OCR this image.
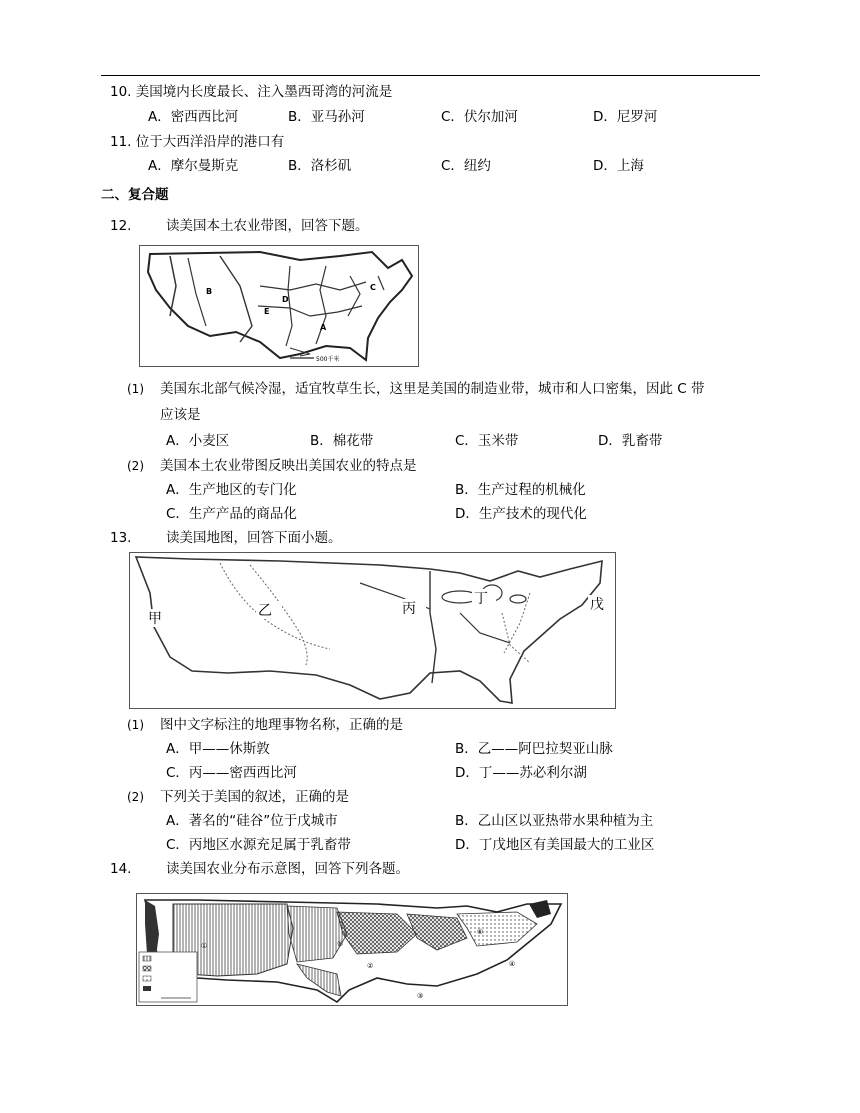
10. 美国境内长度最长、注入墨西哥湾的河流是
A．密西西比河	B．亚马孙河	C．伏尔加河	D．尼罗河
11. 位于大西洋沿岸的港口有
A．摩尔曼斯克	B．洛杉矶	C．纽约	D．上海
二、复合题
12.	读美国本土农业带图，回答下题。
B
D
C
E
A
500千米
(1) 美国东北部气候冷湿，适宜牧草生长，这里是美国的制造业带，城市和人口密集，因此 C 带
应该是
A．小麦区	B．棉花带	C．玉米带	D．乳畜带
(2) 美国本土农业带图反映出美国农业的特点是
A．生产地区的专门化	B．生产过程的机械化
C．生产产品的商品化	D．生产技术的现代化
13.	读美国地图，回答下面小题。
甲	乙	丙
丁	戊
(1) 图中文字标注的地理事物名称，正确的是
A．甲——休斯敦	B．乙——阿巴拉契亚山脉
C．丙——密西西比河	D．丁——苏必利尔湖
(2) 下列关于美国的叙述，正确的是
A．著名的“硅谷”位于戊城市	B．乙山区以亚热带水果种植为主
C．丙地区水源充足属于乳畜带	D．丁戊地区有美国最大的工业区
14.	读美国农业分布示意图，回答下列各题。
①
②
③
④
⑤
⑥
